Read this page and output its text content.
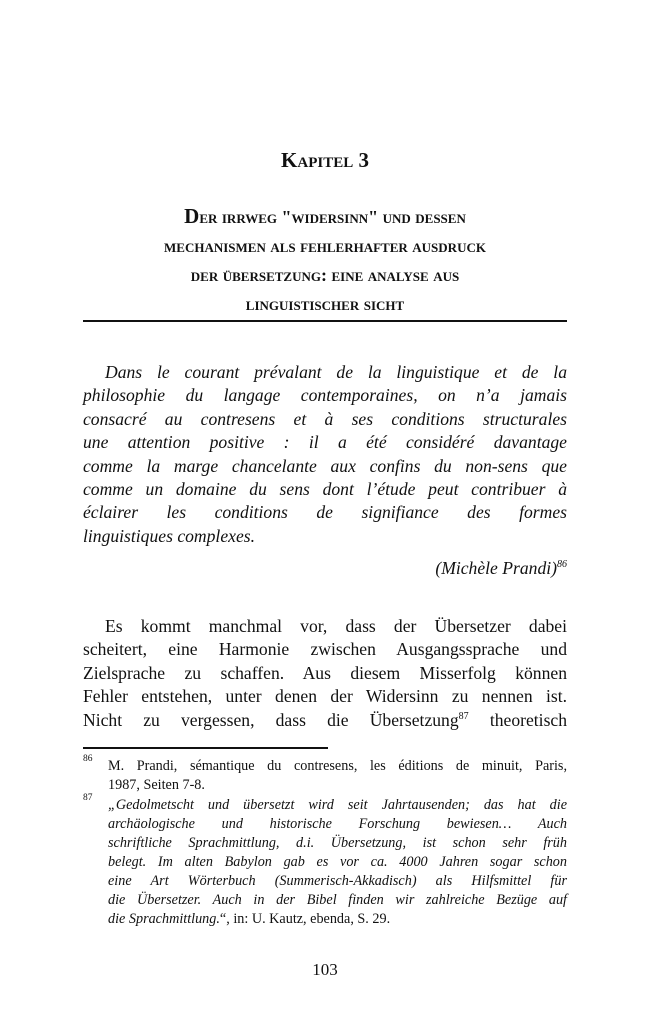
Kapitel 3
Der irrweg "widersinn" und dessen
mechanismen als fehlerhafter ausdruck
der übersetzung: eine analyse aus
linguistischer sicht
Dans le courant prévalant de la linguistique et de la
philosophie du langage contemporaines, on n’a jamais
consacré au contresens et à ses conditions structurales
une attention positive : il a été considéré davantage
comme la marge chancelante aux confins du non-sens que
comme un domaine du sens dont l’étude peut contribuer à
éclairer les conditions de signifiance des formes
linguistiques complexes.
(Michèle Prandi)$^{86}$
Es kommt manchmal vor, dass der Übersetzer dabei
scheitert, eine Harmonie zwischen Ausgangssprache und
Zielsprache zu schaffen. Aus diesem Misserfolg können
Fehler entstehen, unter denen der Widersinn zu nennen ist.
Nicht zu vergessen, dass die Übersetzung$^{87}$ theoretisch
86 M. Prandi, sémantique du contresens, les éditions de minuit, Paris,
1987, Seiten 7-8.
87 „Gedolmetscht und übersetzt wird seit Jahrtausenden; das hat die
archäologische und historische Forschung bewiesen… Auch
schriftliche Sprachmittlung, d.i. Übersetzung, ist schon sehr früh
belegt. Im alten Babylon gab es vor ca. 4000 Jahren sogar schon
eine Art Wörterbuch (Summerisch-Akkadisch) als Hilfsmittel für
die Übersetzer. Auch in der Bibel finden wir zahlreiche Bezüge auf
die Sprachmittlung.“, in: U. Kautz, ebenda, S. 29.
103
